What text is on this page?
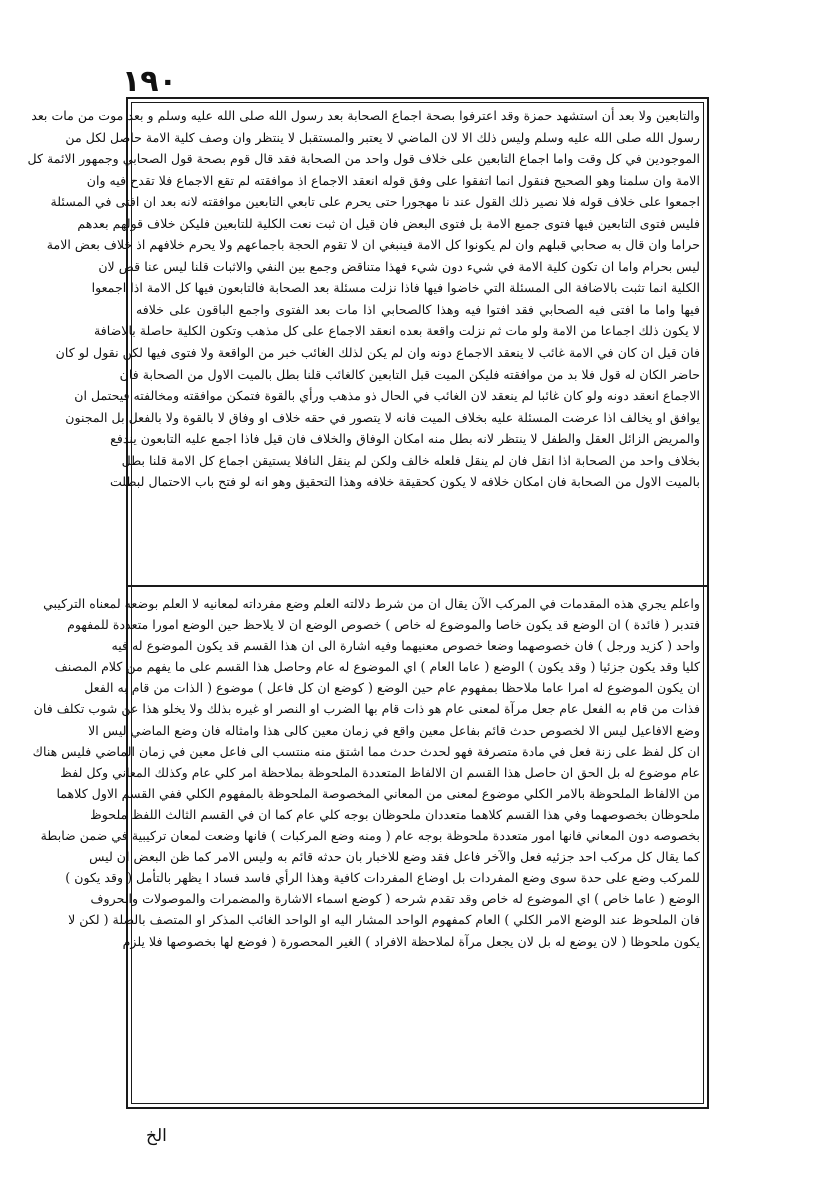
١٩٠
والتابعين ولا بعد أن استشهد حمزة وقد اعترفوا بصحة اجماع الصحابة بعد رسول الله صلى الله عليه وسلم و بعد موت من مات بعد
رسول الله صلى الله عليه وسلم وليس ذلك الا لان الماضي لا يعتبر والمستقبل لا ينتظر وان وصف كلية الامة حاصل لكل من
الموجودين في كل وقت واما اجماع التابعين على خلاف قول واحد من الصحابة فقد قال قوم بصحة قول الصحابي وجمهور الائمة كل
الامة وان سلمنا وهو الصحيح فنقول انما اتفقوا على وفق قوله انعقد الاجماع اذ موافقته لم تقع الاجماع فلا تقدح فيه وان
اجمعوا على خلاف قوله فلا نصير ذلك القول عند نا مهجورا حتى يحرم على تابعي التابعين موافقته لانه بعد ان افتى في المسئلة
فليس فتوى التابعين فيها فتوى جميع الامة بل فتوى البعض فان قيل ان ثبت نعت الكلية للتابعين فليكن خلاف قولهم بعدهم
حراما وان قال به صحابي قبلهم وان لم يكونوا كل الامة فينبغي ان لا تقوم الحجة باجماعهم ولا يحرم خلافهم اذ خلاف بعض الامة
ليس بحرام واما ان تكون كلية الامة في شيء دون شيء فهذا متناقض وجمع بين النفي والاثبات قلنا ليس عنا قض لان
الكلية انما تثبت بالاضافة الى المسئلة التي خاضوا فيها فاذا نزلت مسئلة بعد الصحابة فالتابعون فيها كل الامة اذا اجمعوا
فيها واما ما افتى فيه الصحابي فقد افتوا فيه وهذا كالصحابي اذا مات بعد الفتوى واجمع الباقون على خلافه
لا يكون ذلك اجماعا من الامة ولو مات ثم نزلت واقعة بعده انعقد الاجماع على كل مذهب وتكون الكلية حاصلة بالاضافة
فان قيل ان كان في الامة غائب لا ينعقد الاجماع دونه وان لم يكن لذلك الغائب خبر من الواقعة ولا فتوى فيها لكن نقول لو كان
حاضر الكان له قول فلا بد من موافقته فليكن الميت قبل التابعين كالغائب قلنا بطل بالميت الاول من الصحابة فان
الاجماع انعقد دونه ولو كان غائبا لم ينعقد لان الغائب في الحال ذو مذهب ورأي بالقوة فتمكن موافقته ومخالفته فيحتمل ان
يوافق او يخالف اذا عرضت المسئلة عليه بخلاف الميت فانه لا يتصور في حقه خلاف او وفاق لا بالقوة ولا بالفعل بل المجنون
والمريض الزائل العقل والطفل لا ينتظر لانه بطل منه امكان الوفاق والخلاف فان قيل فاذا اجمع عليه التابعون يندفع
بخلاف واحد من الصحابة اذا انقل فان لم ينقل فلعله خالف ولكن لم ينقل النافلا يستيقن اجماع كل الامة قلنا بطل
بالميت الاول من الصحابة فان امكان خلافه لا يكون كحقيقة خلافه وهذا التحقيق وهو انه لو فتح باب الاحتمال لبطلت
واعلم يجري هذه المقدمات في المركب الآن يقال ان من شرط دلالته العلم وضع مفرداته لمعانيه لا العلم بوضعه لمعناه التركيبي
فتدبر ( فائدة ) ان الوضع قد يكون خاصا والموضوع له خاص ) خصوص الوضع ان لا يلاحظ حين الوضع امورا متعددة للمفهوم
واحد ( كزيد ورجل ) فان خصوصهما وضعا خصوص معنيهما وفيه اشارة الى ان هذا القسم قد يكون الموضوع له فيه
كليا وقد يكون جزئيا ( وقد يكون ) الوضع ( عاما العام ) اي الموضوع له عام وحاصل هذا القسم على ما يفهم من كلام المصنف
ان يكون الموضوع له امرا عاما ملاحظا بمفهوم عام حين الوضع ( كوضع ان كل فاعل ) موضوع ( الذات من قام به الفعل
فذات من قام به الفعل عام جعل مرآة لمعنى عام هو ذات قام بها الضرب او النصر او غيره بذلك ولا يخلو هذا عن شوب تكلف فان
وضع الافاعيل ليس الا لخصوص حدث قائم بفاعل معين واقع في زمان معين كالى هذا وامثاله فان وضع الماضي ليس الا
ان كل لفظ على زنة فعل في مادة متصرفة فهو لحدث حدث مما اشتق منه منتسب الى فاعل معين في زمان الماضي فليس هناك
عام موضوع له بل الحق ان حاصل هذا القسم ان الالفاظ المتعددة الملحوظة بملاحظة امر كلي عام وكذلك المعاني وكل لفظ
من الالفاظ الملحوظة بالامر الكلي موضوع لمعنى من المعاني المخصوصة الملحوظة بالمفهوم الكلي ففي القسم الاول كلاهما
ملحوظان بخصوصهما وفي هذا القسم كلاهما متعددان ملحوظان بوجه كلي عام كما ان في القسم الثالث اللفظ ملحوظ
بخصوصه دون المعاني فانها امور متعددة ملحوظة بوجه عام ( ومنه وضع المركبات ) فانها وضعت لمعان تركيبية في ضمن ضابطة
كما يقال كل مركب احد جزئيه فعل والآخر فاعل فقد وضع للاخبار بان حدثه قائم به وليس الامر كما ظن البعض ان ليس
للمركب وضع على حدة سوى وضع المفردات بل اوضاع المفردات كافية وهذا الرأي فاسد فساد ا يظهر بالتأمل ( وقد يكون )
الوضع ( عاما خاص ) اي الموضوع له خاص وقد تقدم شرحه ( كوضع اسماء الاشارة والمضمرات والموصولات والحروف
فان الملحوظ عند الوضع الامر الكلي ) العام كمفهوم الواحد المشار اليه او الواحد الغائب المذكر او المتصف بالصلة ( لكن لا
يكون ملحوظا ( لان يوضع له بل لان يجعل مرآة لملاحظة الافراد ) الغير المحصورة ( فوضع لها بخصوصها فلا يلزم
الخ
